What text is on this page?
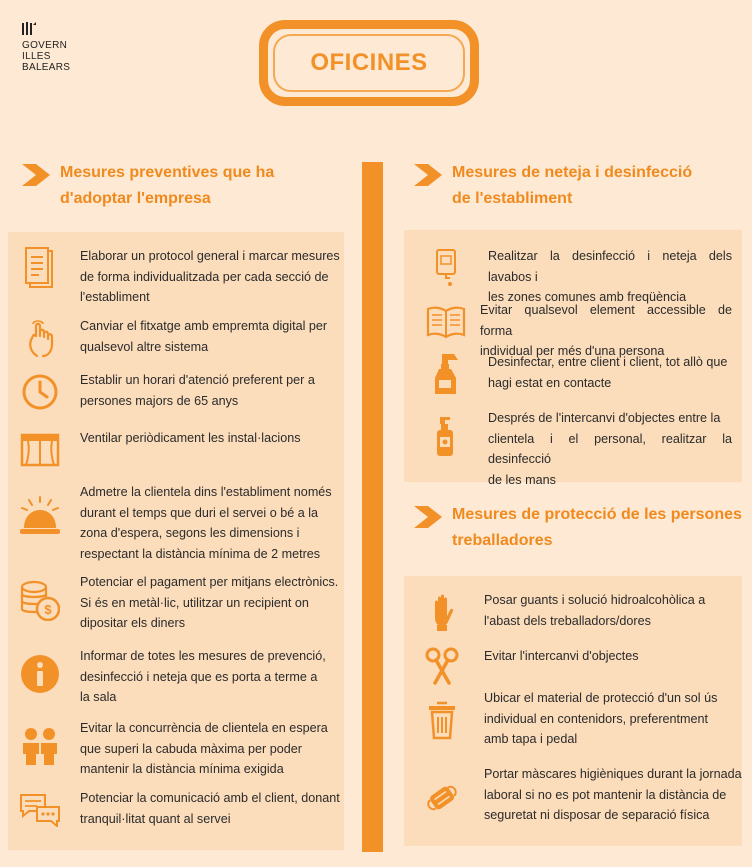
GOVERN
ILLES
BALEARS	OFICINES
Mesures preventives que ha
d'adoptar l'empresa
Elaborar un protocol general i marcar mesures
de forma individualitzada per cada secció de
l'establiment
Canviar el fitxatge amb empremta digital per
qualsevol altre sistema
Establir un horari d'atenció preferent per a
persones majors de 65 anys
Ventilar periòdicament les instal·lacions
Admetre la clientela dins l'establiment només
durant el temps que duri el servei o bé a la
zona d'espera, segons les dimensions i
respectant la distància mínima de 2 metres
$
Potenciar el pagament per mitjans electrònics.
Si és en metàl·lic, utilitzar un recipient on
dipositar els diners
Informar de totes les mesures de prevenció,
desinfecció i neteja que es porta a terme a
la sala
Evitar la concurrència de clientela en espera
que superi la cabuda màxima per poder
mantenir la distància mínima exigida
Potenciar la comunicació amb el client, donant
tranquil·litat quant al servei
Mesures de neteja i desinfecció
de l'establiment
Realitzar la desinfecció i neteja dels lavabos i
les zones comunes amb freqüència
Evitar qualsevol element accessible de forma
individual per més d'una persona
Desinfectar, entre client i client, tot allò que
hagi estat en contacte
Després de l'intercanvi d'objectes entre la
clientela i el personal, realitzar la desinfecció
de les mans
Mesures de protecció de les persones
treballadores
Posar guants i solució hidroalcohòlica a
l'abast dels treballadors/dores
Evitar l'intercanvi d'objectes
Ubicar el material de protecció d'un sol ús
individual en contenidors, preferentment
amb tapa i pedal
Portar màscares higièniques durant la jornada
laboral si no es pot mantenir la distància de
seguretat ni disposar de separació física
